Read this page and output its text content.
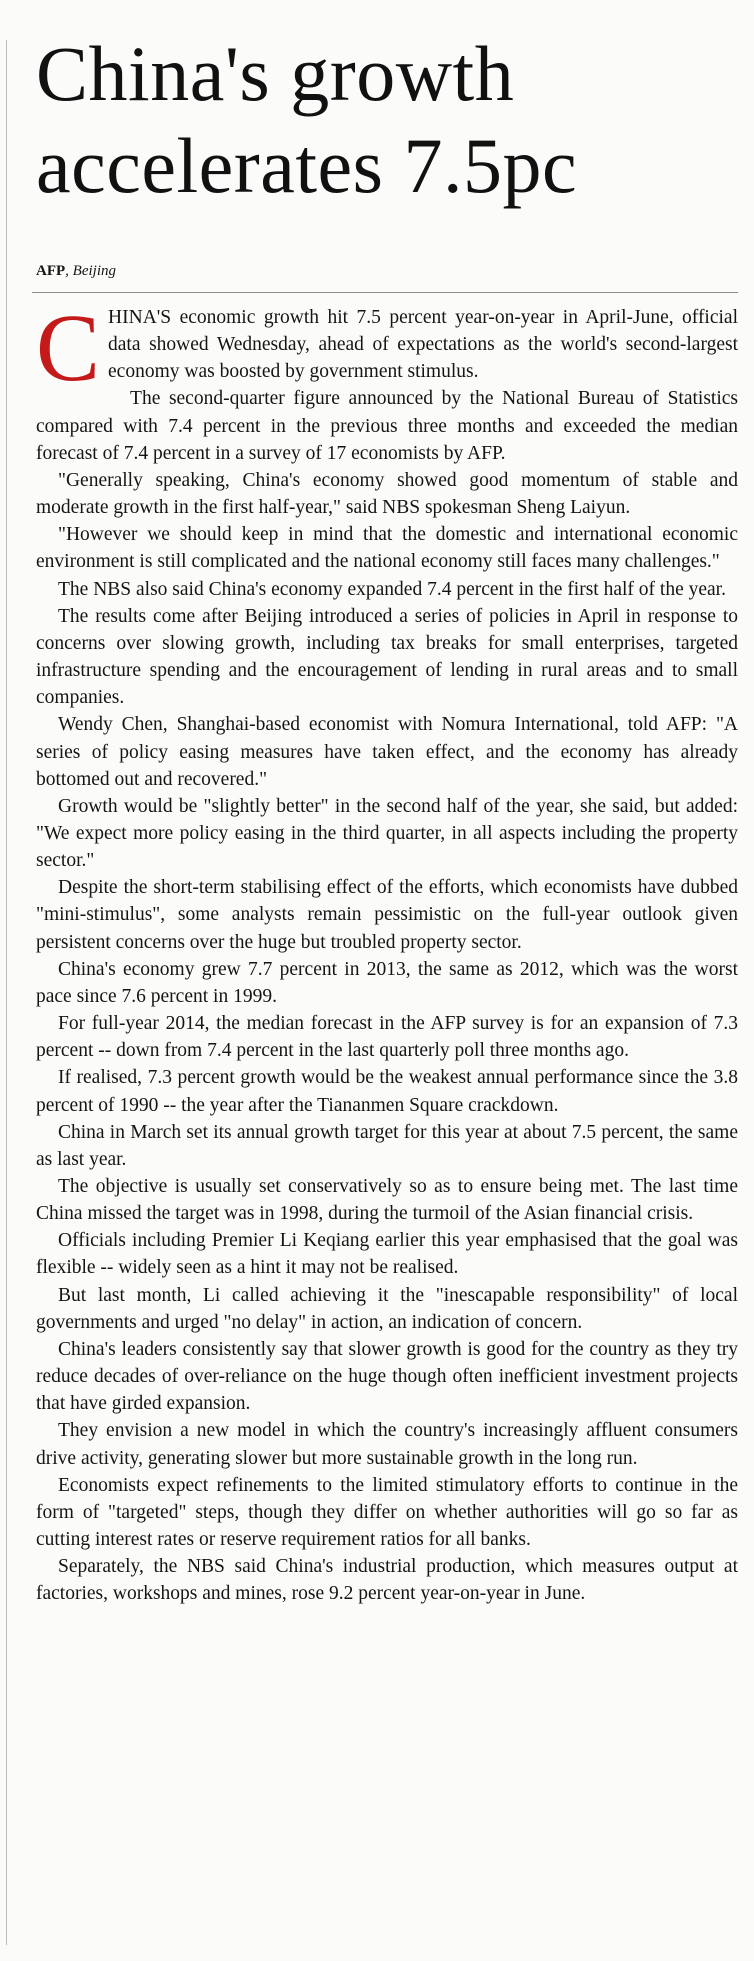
China's growth accelerates 7.5pc
AFP, Beijing

CHINA'S economic growth hit 7.5 percent year-on-year in April-June, official data showed Wednesday, ahead of expectations as the world's second-largest economy was boosted by government stimulus.

The second-quarter figure announced by the National Bureau of Statistics compared with 7.4 percent in the previous three months and exceeded the median forecast of 7.4 percent in a survey of 17 economists by AFP.

"Generally speaking, China's economy showed good momentum of stable and moderate growth in the first half-year," said NBS spokesman Sheng Laiyun.

"However we should keep in mind that the domestic and international economic environment is still complicated and the national economy still faces many challenges."

The NBS also said China's economy expanded 7.4 percent in the first half of the year.

The results come after Beijing introduced a series of policies in April in response to concerns over slowing growth, including tax breaks for small enterprises, targeted infrastructure spending and the encouragement of lending in rural areas and to small companies.

Wendy Chen, Shanghai-based economist with Nomura International, told AFP: "A series of policy easing measures have taken effect, and the economy has already bottomed out and recovered."

Growth would be "slightly better" in the second half of the year, she said, but added: "We expect more policy easing in the third quarter, in all aspects including the property sector."

Despite the short-term stabilising effect of the efforts, which economists have dubbed "mini-stimulus", some analysts remain pessimistic on the full-year outlook given persistent concerns over the huge but troubled property sector.

China's economy grew 7.7 percent in 2013, the same as 2012, which was the worst pace since 7.6 percent in 1999.

For full-year 2014, the median forecast in the AFP survey is for an expansion of 7.3 percent -- down from 7.4 percent in the last quarterly poll three months ago.

If realised, 7.3 percent growth would be the weakest annual performance since the 3.8 percent of 1990 -- the year after the Tiananmen Square crackdown.

China in March set its annual growth target for this year at about 7.5 percent, the same as last year.

The objective is usually set conservatively so as to ensure being met. The last time China missed the target was in 1998, during the turmoil of the Asian financial crisis.

Officials including Premier Li Keqiang earlier this year emphasised that the goal was flexible -- widely seen as a hint it may not be realised.

But last month, Li called achieving it the "inescapable responsibility" of local governments and urged "no delay" in action, an indication of concern.

China's leaders consistently say that slower growth is good for the country as they try reduce decades of over-reliance on the huge though often inefficient investment projects that have girded expansion.

They envision a new model in which the country's increasingly affluent consumers drive activity, generating slower but more sustainable growth in the long run.

Economists expect refinements to the limited stimulatory efforts to continue in the form of "targeted" steps, though they differ on whether authorities will go so far as cutting interest rates or reserve requirement ratios for all banks.

Separately, the NBS said China's industrial production, which measures output at factories, workshops and mines, rose 9.2 percent year-on-year in June.
